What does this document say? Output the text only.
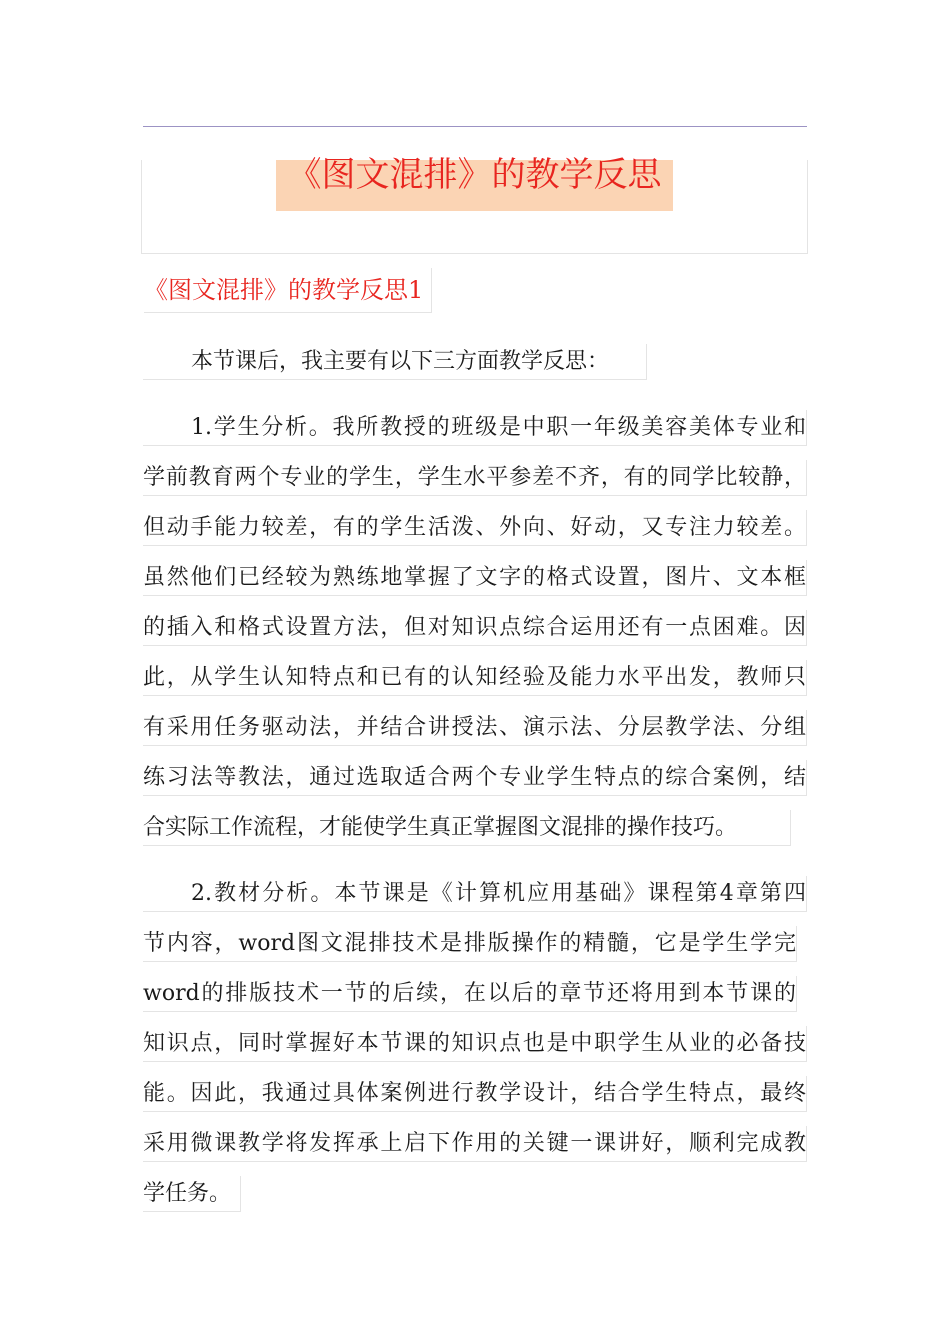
《图文混排》的教学反思
《图文混排》的教学反思1
本节课后，我主要有以下三方面教学反思：
1.学生分析。我所教授的班级是中职一年级美容美体专业和
学前教育两个专业的学生，学生水平参差不齐，有的同学比较静，
但动手能力较差，有的学生活泼、外向、好动，又专注力较差。
虽然他们已经较为熟练地掌握了文字的格式设置，图片、文本框
的插入和格式设置方法，但对知识点综合运用还有一点困难。因
此，从学生认知特点和已有的认知经验及能力水平出发，教师只
有采用任务驱动法，并结合讲授法、演示法、分层教学法、分组
练习法等教法，通过选取适合两个专业学生特点的综合案例，结
合实际工作流程，才能使学生真正掌握图文混排的操作技巧。
2.教材分析。本节课是《计算机应用基础》课程第4章第四
节内容，word图文混排技术是排版操作的精髓，它是学生学完
word的排版技术一节的后续，在以后的章节还将用到本节课的
知识点，同时掌握好本节课的知识点也是中职学生从业的必备技
能。因此，我通过具体案例进行教学设计，结合学生特点，最终
采用微课教学将发挥承上启下作用的关键一课讲好，顺利完成教
学任务。
